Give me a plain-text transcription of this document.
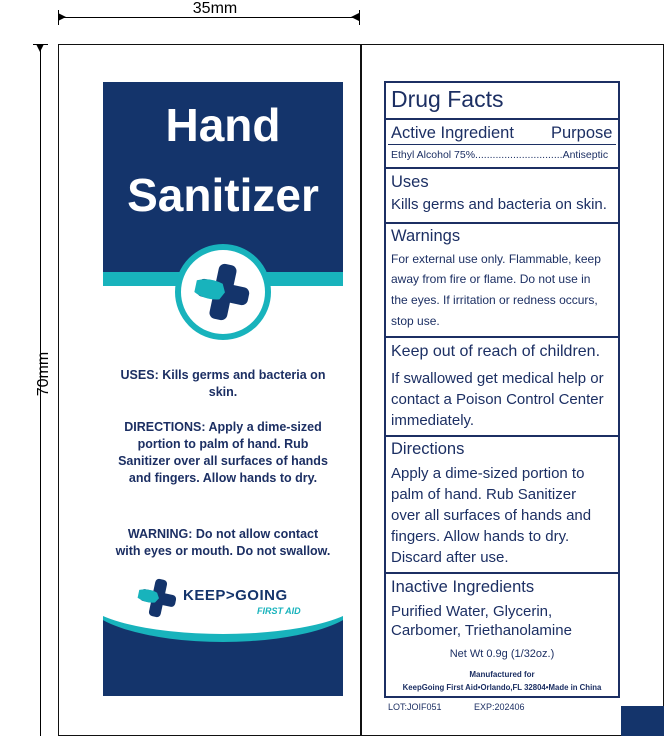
35mm
70mm
Hand
Sanitizer
USES: Kills germs and bacteria on
skin.
DIRECTIONS: Apply a dime-sized
portion to palm of hand. Rub
Sanitizer over all surfaces of hands
and fingers. Allow hands to dry.
WARNING: Do not allow contact
with eyes or mouth. Do not swallow.
KEEP>GOING
FIRST AID
Drug Facts
Active Ingredient Purpose
Ethyl Alcohol 75%..............................Antiseptic
Uses
Kills germs and bacteria on skin.
Warnings
For external use only. Flammable, keep
away from fire or flame. Do not use in
the eyes. If irritation or redness occurs,
stop use.
Keep out of reach of children.
If swallowed get medical help or
contact a Poison Control Center
immediately.
Directions
Apply a dime-sized portion to
palm of hand. Rub Sanitizer
over all surfaces of hands and
fingers. Allow hands to dry.
Discard after use.
Inactive Ingredients
Purified Water, Glycerin,
Carbomer, Triethanolamine
Net Wt 0.9g (1/32oz.)
Manufactured for
KeepGoing First Aid•Orlando,FL 32804•Made in China
LOT:JOIF051	EXP:202406
